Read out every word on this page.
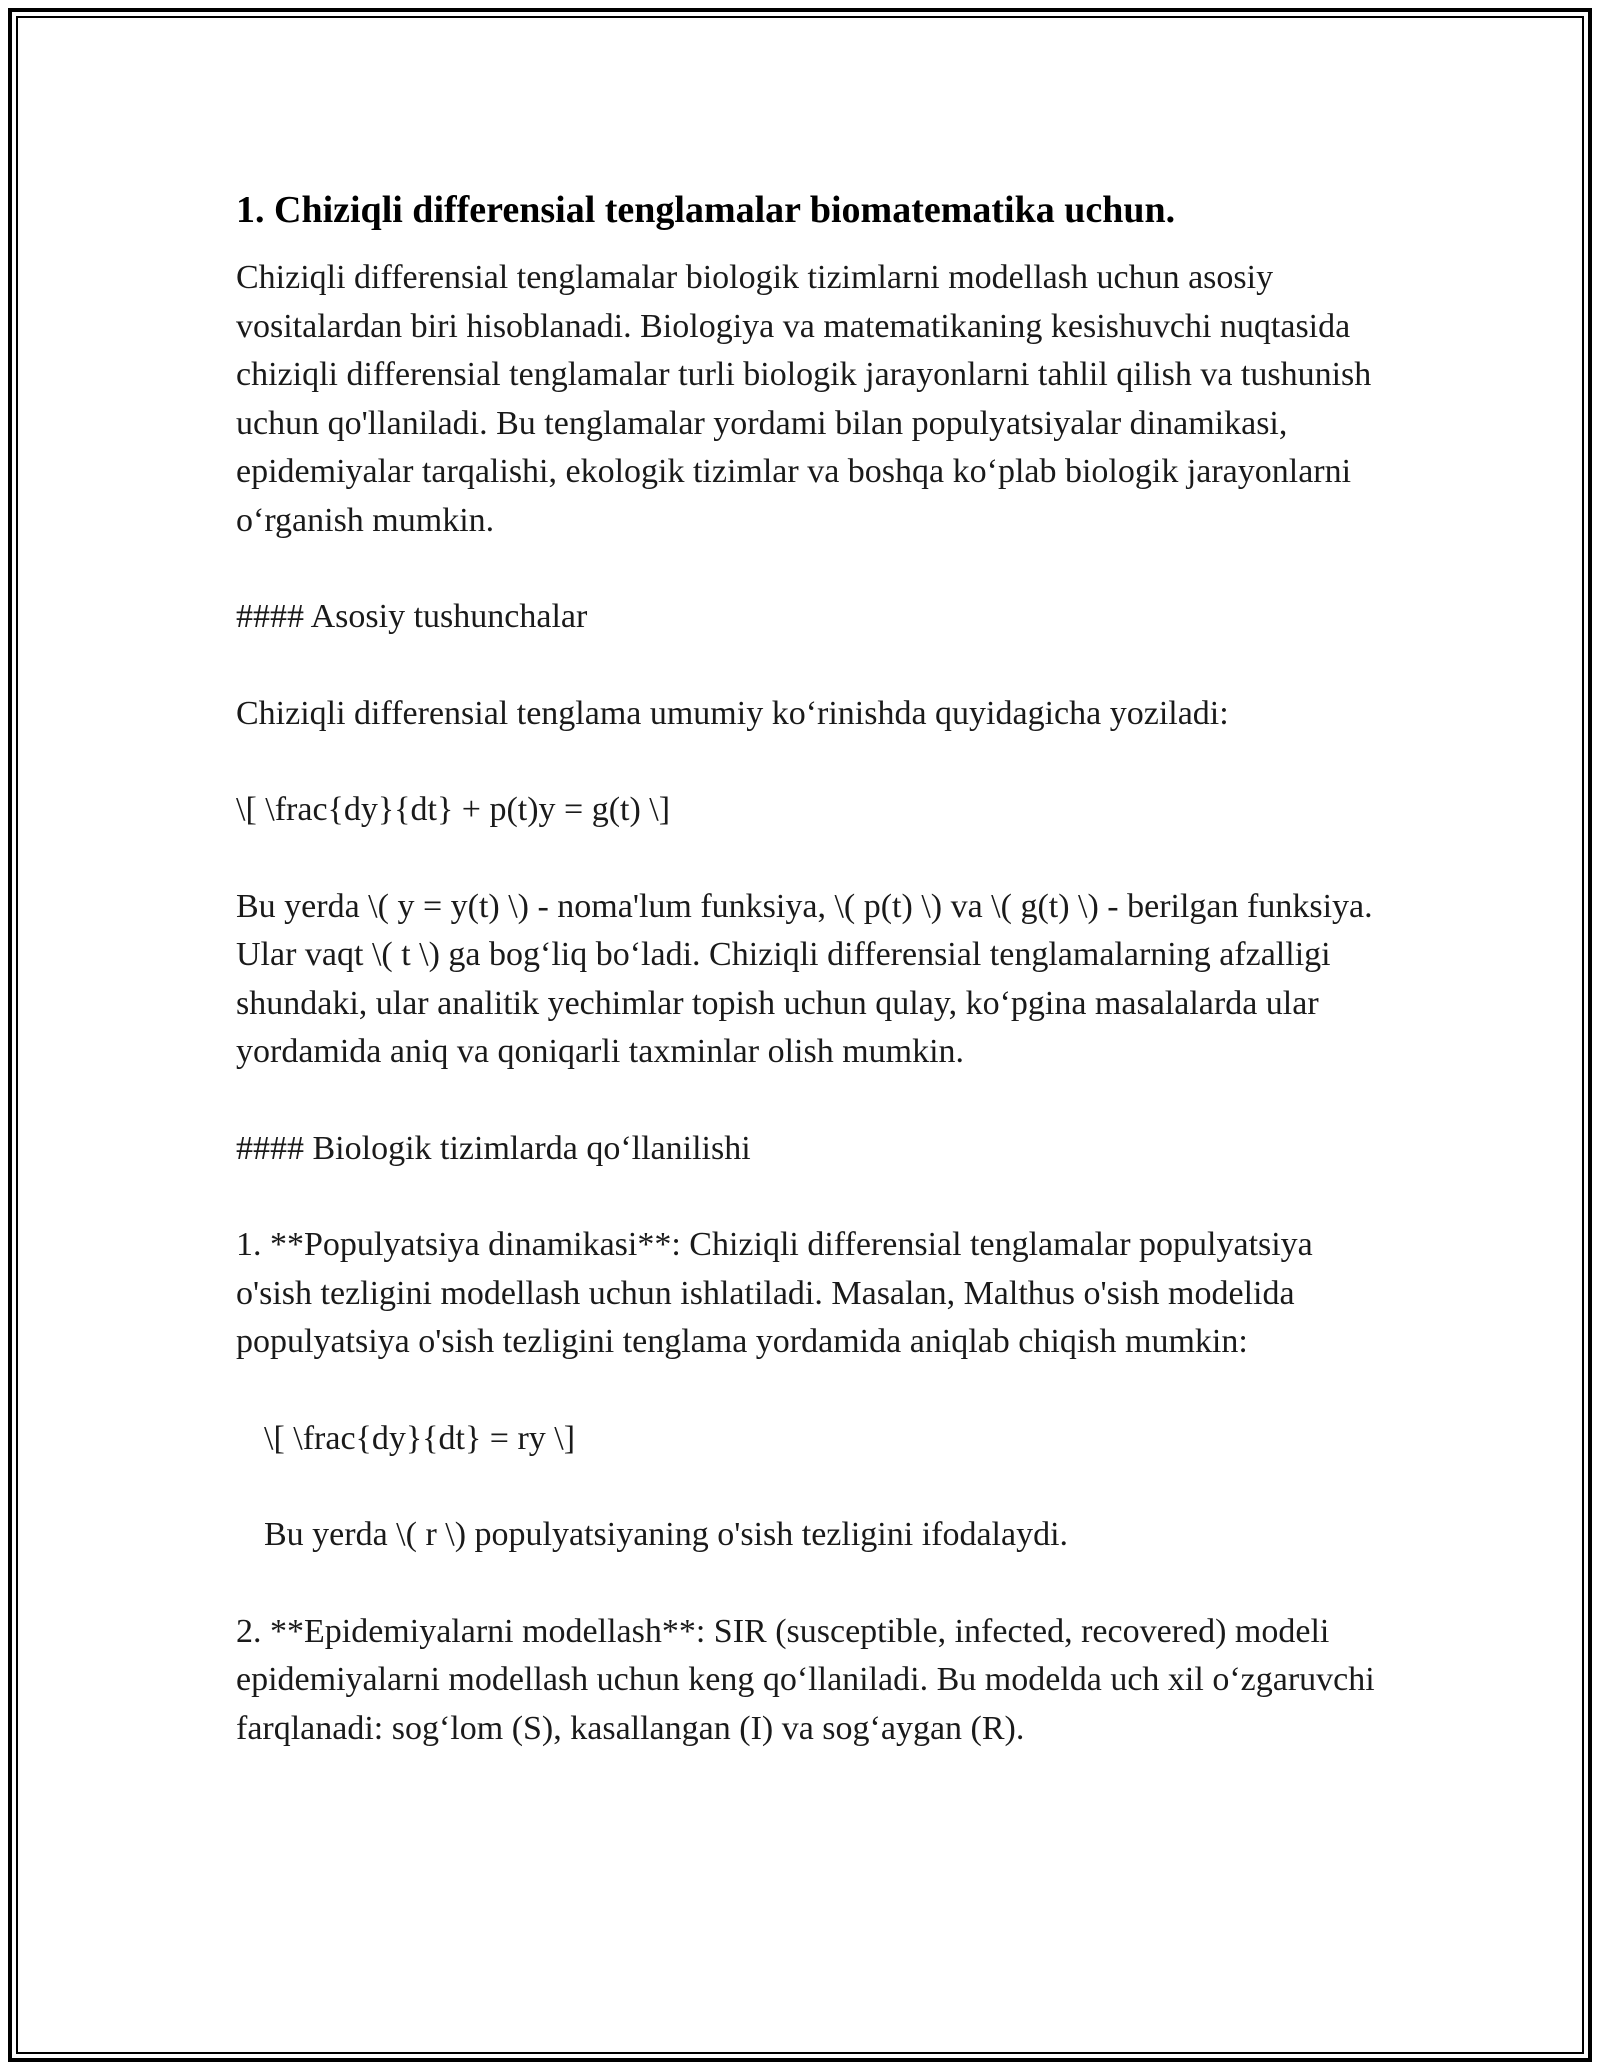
1. Chiziqli differensial tenglamalar biomatematika uchun.

Chiziqli differensial tenglamalar biologik tizimlarni modellash uchun asosiy vositalardan biri hisoblanadi. Biologiya va matematikaning kesishuvchi nuqtasida chiziqli differensial tenglamalar turli biologik jarayonlarni tahlil qilish va tushunish uchun qo'llaniladi. Bu tenglamalar yordami bilan populyatsiyalar dinamikasi, epidemiyalar tarqalishi, ekologik tizimlar va boshqa ko‘plab biologik jarayonlarni o‘rganish mumkin.

#### Asosiy tushunchalar

Chiziqli differensial tenglama umumiy ko‘rinishda quyidagicha yoziladi:

\[ \frac{dy}{dt} + p(t)y = g(t) \]

Bu yerda \( y = y(t) \) - noma'lum funksiya, \( p(t) \) va \( g(t) \) - berilgan funksiya. Ular vaqt \( t \) ga bog‘liq bo‘ladi. Chiziqli differensial tenglamalarning afzalligi shundaki, ular analitik yechimlar topish uchun qulay, ko‘pgina masalalarda ular yordamida aniq va qoniqarli taxminlar olish mumkin.

#### Biologik tizimlarda qo‘llanilishi

1. **Populyatsiya dinamikasi**: Chiziqli differensial tenglamalar populyatsiya o'sish tezligini modellash uchun ishlatiladi. Masalan, Malthus o'sish modelida populyatsiya o'sish tezligini tenglama yordamida aniqlab chiqish mumkin:

\[ \frac{dy}{dt} = ry \]

Bu yerda \( r \) populyatsiyaning o'sish tezligini ifodalaydi.

2. **Epidemiyalarni modellash**: SIR (susceptible, infected, recovered) modeli epidemiyalarni modellash uchun keng qo‘llaniladi. Bu modelda uch xil o‘zgaruvchi farqlanadi: sog‘lom (S), kasallangan (I) va sog‘aygan (R).
